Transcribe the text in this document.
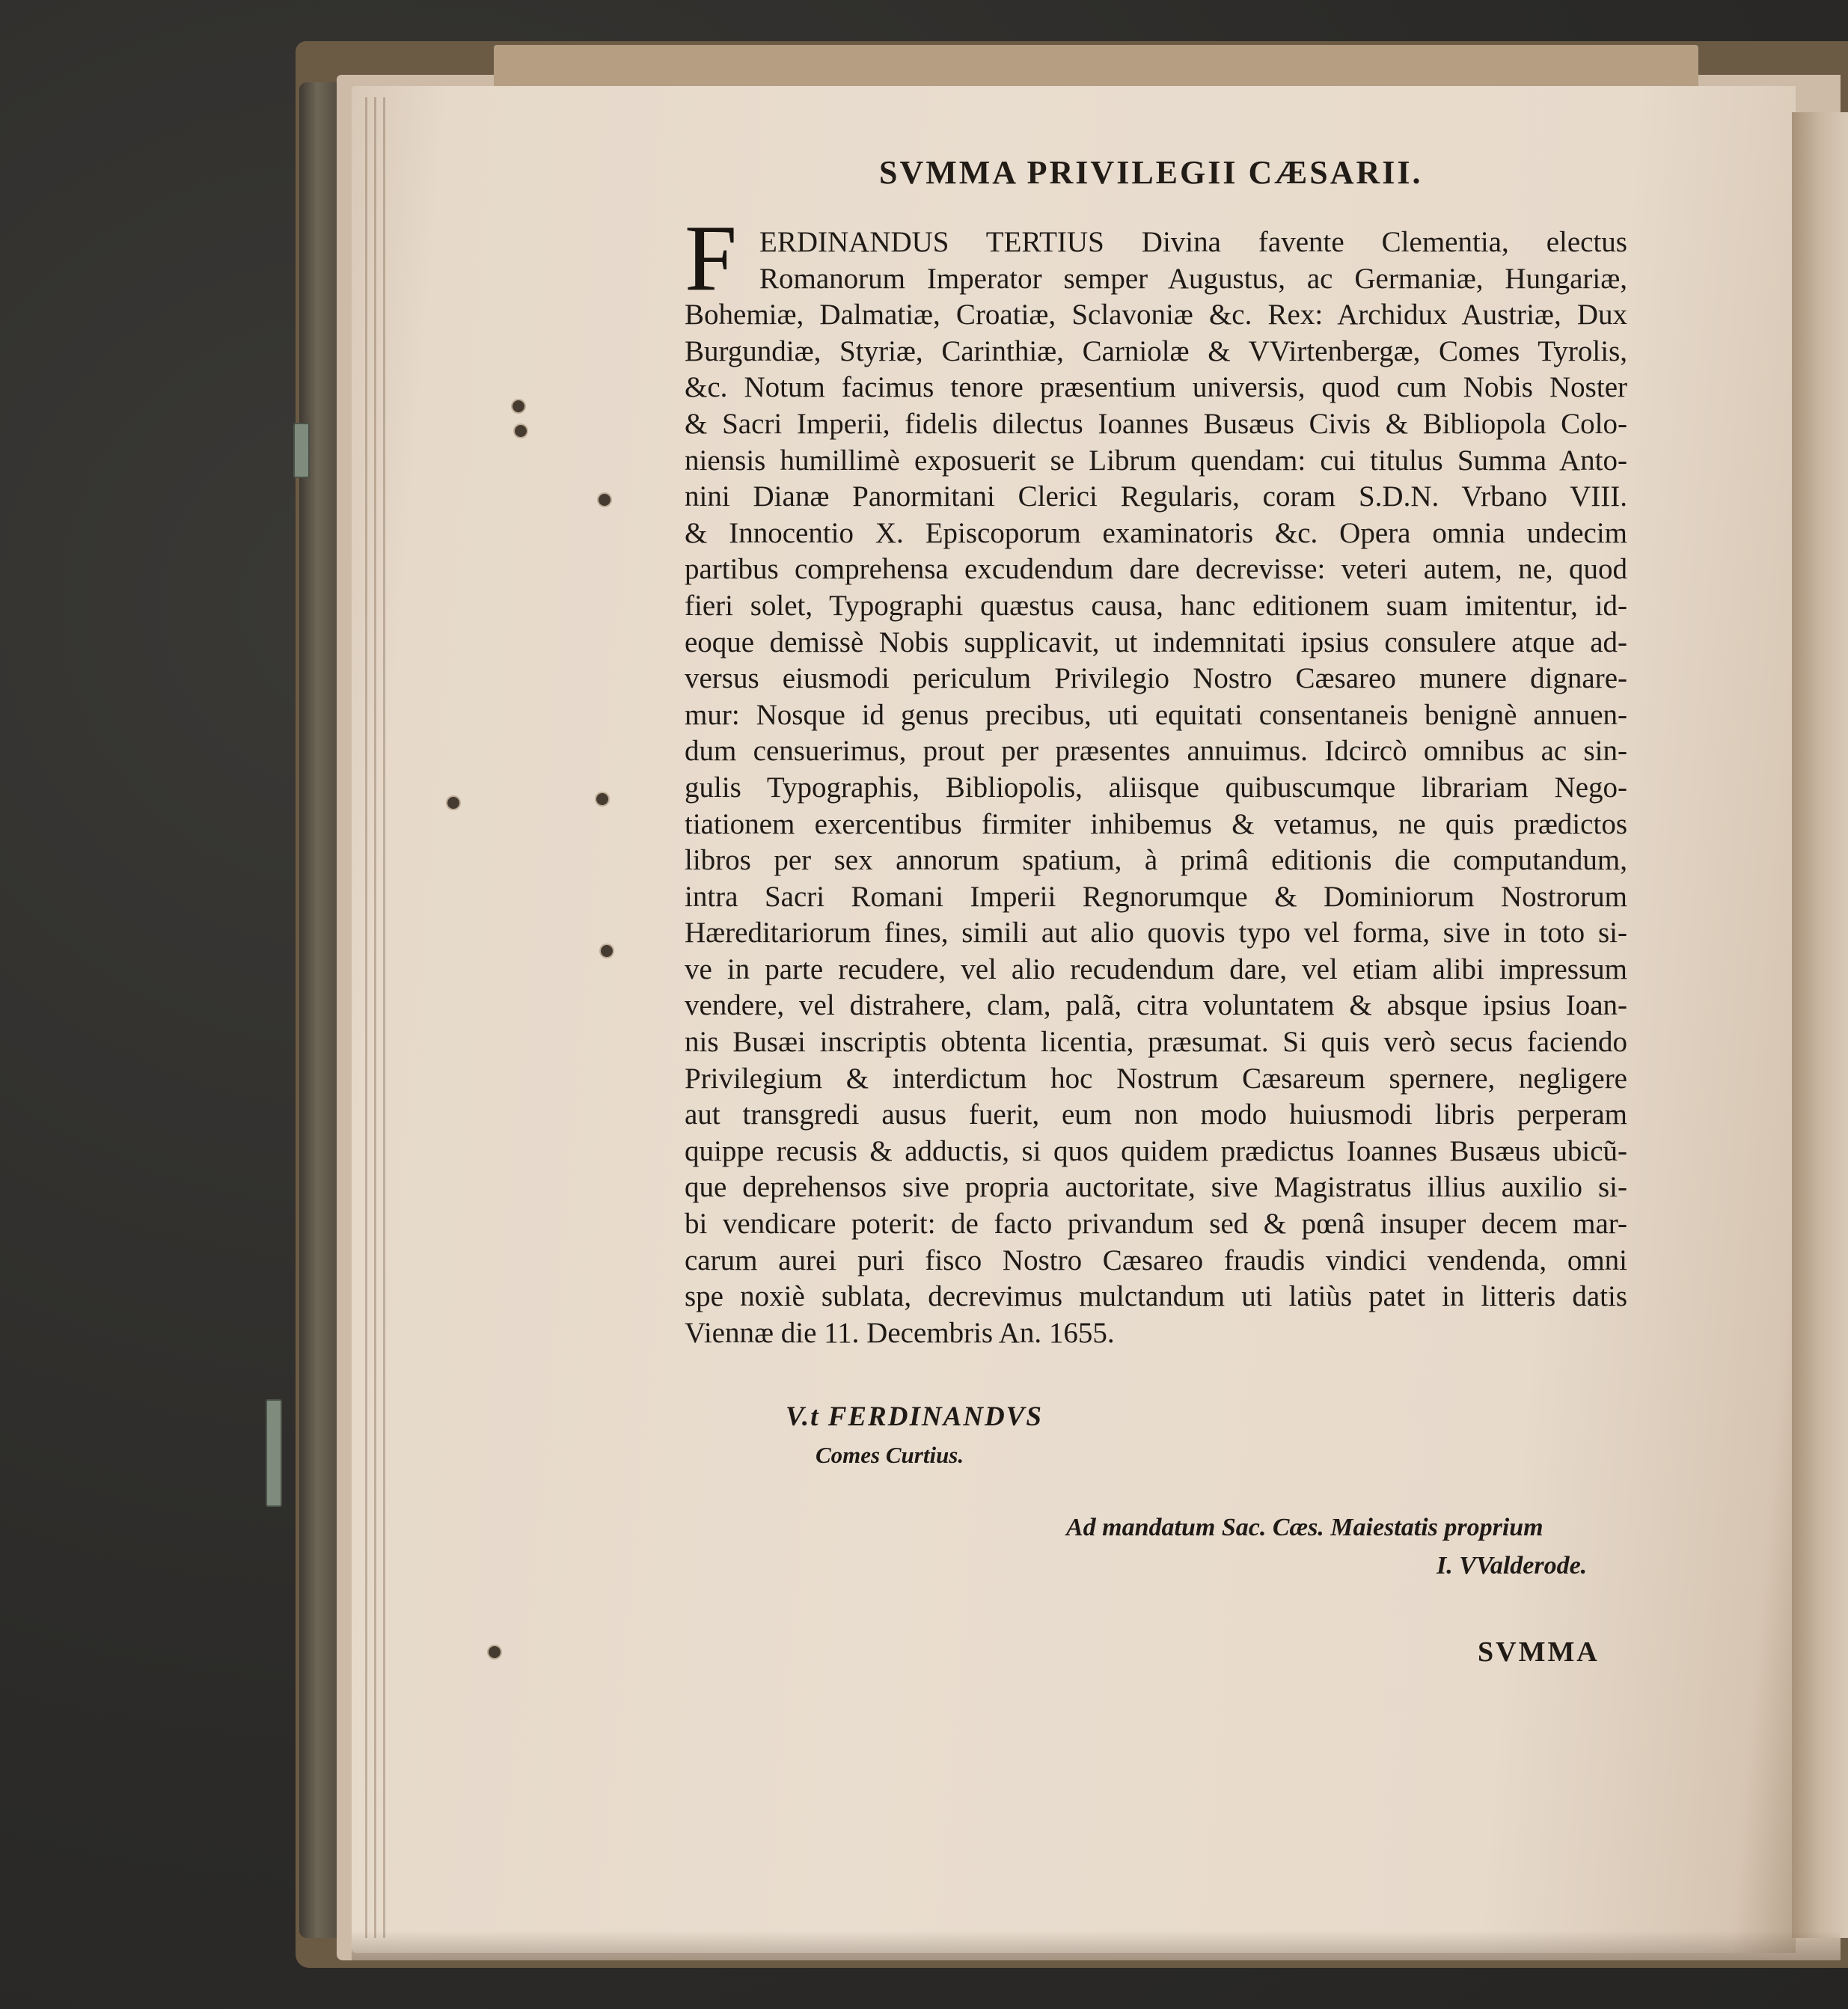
SVMMA PRIVILEGII CÆSARII.
F ERDINANDUS TERTIUS Divina favente Clementia, electus
Romanorum Imperator semper Augustus, ac Germaniæ, Hungariæ,
Bohemiæ, Dalmatiæ, Croatiæ, Sclavoniæ &c. Rex: Archidux Austriæ, Dux
Burgundiæ, Styriæ, Carinthiæ, Carniolæ & VVirtenbergæ, Comes Tyrolis,
&c. Notum facimus tenore præsentium universis, quod cum Nobis Noster
& Sacri Imperii, fidelis dilectus Ioannes Busæus Civis & Bibliopola Colo-
niensis humillimè exposuerit se Librum quendam: cui titulus Summa Anto-
nini Dianæ Panormitani Clerici Regularis, coram S.D.N. Vrbano VIII.
& Innocentio X. Episcoporum examinatoris &c. Opera omnia undecim
partibus comprehensa excudendum dare decrevisse: veteri autem, ne, quod
fieri solet, Typographi quæstus causa, hanc editionem suam imitentur, id-
eoque demissè Nobis supplicavit, ut indemnitati ipsius consulere atque ad-
versus eiusmodi periculum Privilegio Nostro Cæsareo munere dignare-
mur: Nosque id genus precibus, uti equitati consentaneis benignè annuen-
dum censuerimus, prout per præsentes annuimus. Idcircò omnibus ac sin-
gulis Typographis, Bibliopolis, aliisque quibuscumque librariam Nego-
tiationem exercentibus firmiter inhibemus & vetamus, ne quis prædictos
libros per sex annorum spatium, à primâ editionis die computandum,
intra Sacri Romani Imperii Regnorumque & Dominiorum Nostrorum
Hæreditariorum fines, simili aut alio quovis typo vel forma, sive in toto si-
ve in parte recudere, vel alio recudendum dare, vel etiam alibi impressum
vendere, vel distrahere, clam, palã, citra voluntatem & absque ipsius Ioan-
nis Busæi inscriptis obtenta licentia, præsumat. Si quis verò secus faciendo
Privilegium & interdictum hoc Nostrum Cæsareum spernere, negligere
aut transgredi ausus fuerit, eum non modo huiusmodi libris perperam
quippe recusis & adductis, si quos quidem prædictus Ioannes Busæus ubicũ-
que deprehensos sive propria auctoritate, sive Magistratus illius auxilio si-
bi vendicare poterit: de facto privandum sed & pœnâ insuper decem mar-
carum aurei puri fisco Nostro Cæsareo fraudis vindici vendenda, omni
spe noxiè sublata, decrevimus mulctandum uti latiùs patet in litteris datis
Viennæ die 11. Decembris An. 1655.
V.t FERDINANDVS
Comes Curtius.
Ad mandatum Sac. Cæs. Maiestatis proprium
I. VValderode.
SVMMA
